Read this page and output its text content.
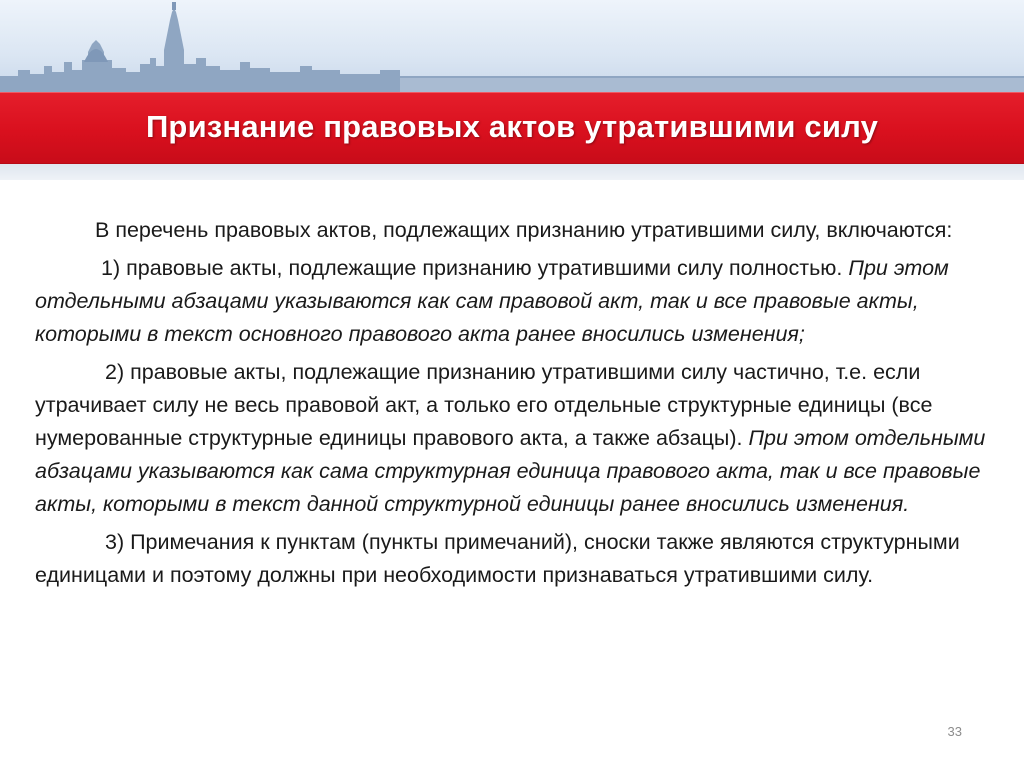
Признание правовых актов утратившими силу

В перечень правовых актов, подлежащих признанию утратившими силу, включаются:

1) правовые акты, подлежащие признанию утратившими силу полностью. При этом отдельными абзацами указываются как сам правовой акт, так и все правовые акты, которыми в текст основного правового акта ранее вносились изменения;

2) правовые акты, подлежащие признанию утратившими силу частично, т.е. если утрачивает силу не весь правовой акт, а только его отдельные структурные единицы (все нумерованные структурные единицы правового акта, а также абзацы). При этом отдельными абзацами указываются как сама структурная единица правового акта, так и все правовые акты, которыми в текст данной структурной единицы ранее вносились изменения.

3) Примечания к пунктам (пункты примечаний), сноски также являются структурными единицами и поэтому должны при необходимости признаваться утратившими силу.

33
